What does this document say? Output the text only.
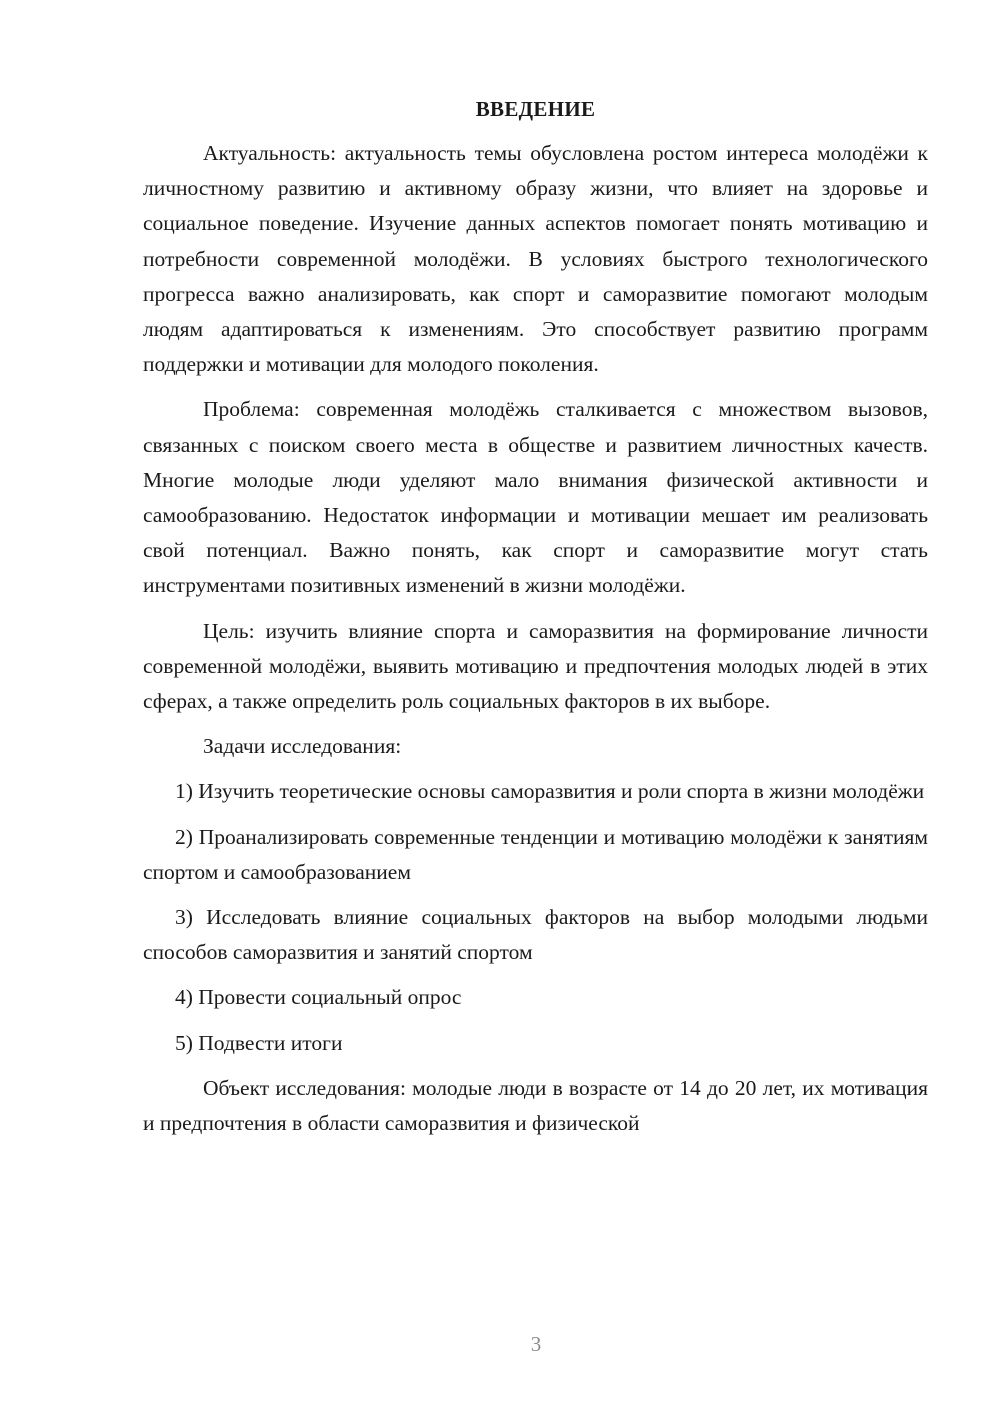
ВВЕДЕНИЕ

Актуальность: актуальность темы обусловлена ростом интереса молодёжи к личностному развитию и активному образу жизни, что влияет на здоровье и социальное поведение. Изучение данных аспектов помогает понять мотивацию и потребности современной молодёжи. В условиях быстрого технологического прогресса важно анализировать, как спорт и саморазвитие помогают молодым людям адаптироваться к изменениям. Это способствует развитию программ поддержки и мотивации для молодого поколения.

Проблема: современная молодёжь сталкивается с множеством вызовов, связанных с поиском своего места в обществе и развитием личностных качеств. Многие молодые люди уделяют мало внимания физической активности и самообразованию. Недостаток информации и мотивации мешает им реализовать свой потенциал. Важно понять, как спорт и саморазвитие могут стать инструментами позитивных изменений в жизни молодёжи.

Цель: изучить влияние спорта и саморазвития на формирование личности современной молодёжи, выявить мотивацию и предпочтения молодых людей в этих сферах, а также определить роль социальных факторов в их выборе.

Задачи исследования:

1) Изучить теоретические основы саморазвития и роли спорта в жизни молодёжи

2) Проанализировать современные тенденции и мотивацию молодёжи к занятиям спортом и самообразованием

3) Исследовать влияние социальных факторов на выбор молодыми людьми способов саморазвития и занятий спортом

4) Провести социальный опрос

5) Подвести итоги

Объект исследования: молодые люди в возрасте от 14 до 20 лет, их мотивация и предпочтения в области саморазвития и физической

3
